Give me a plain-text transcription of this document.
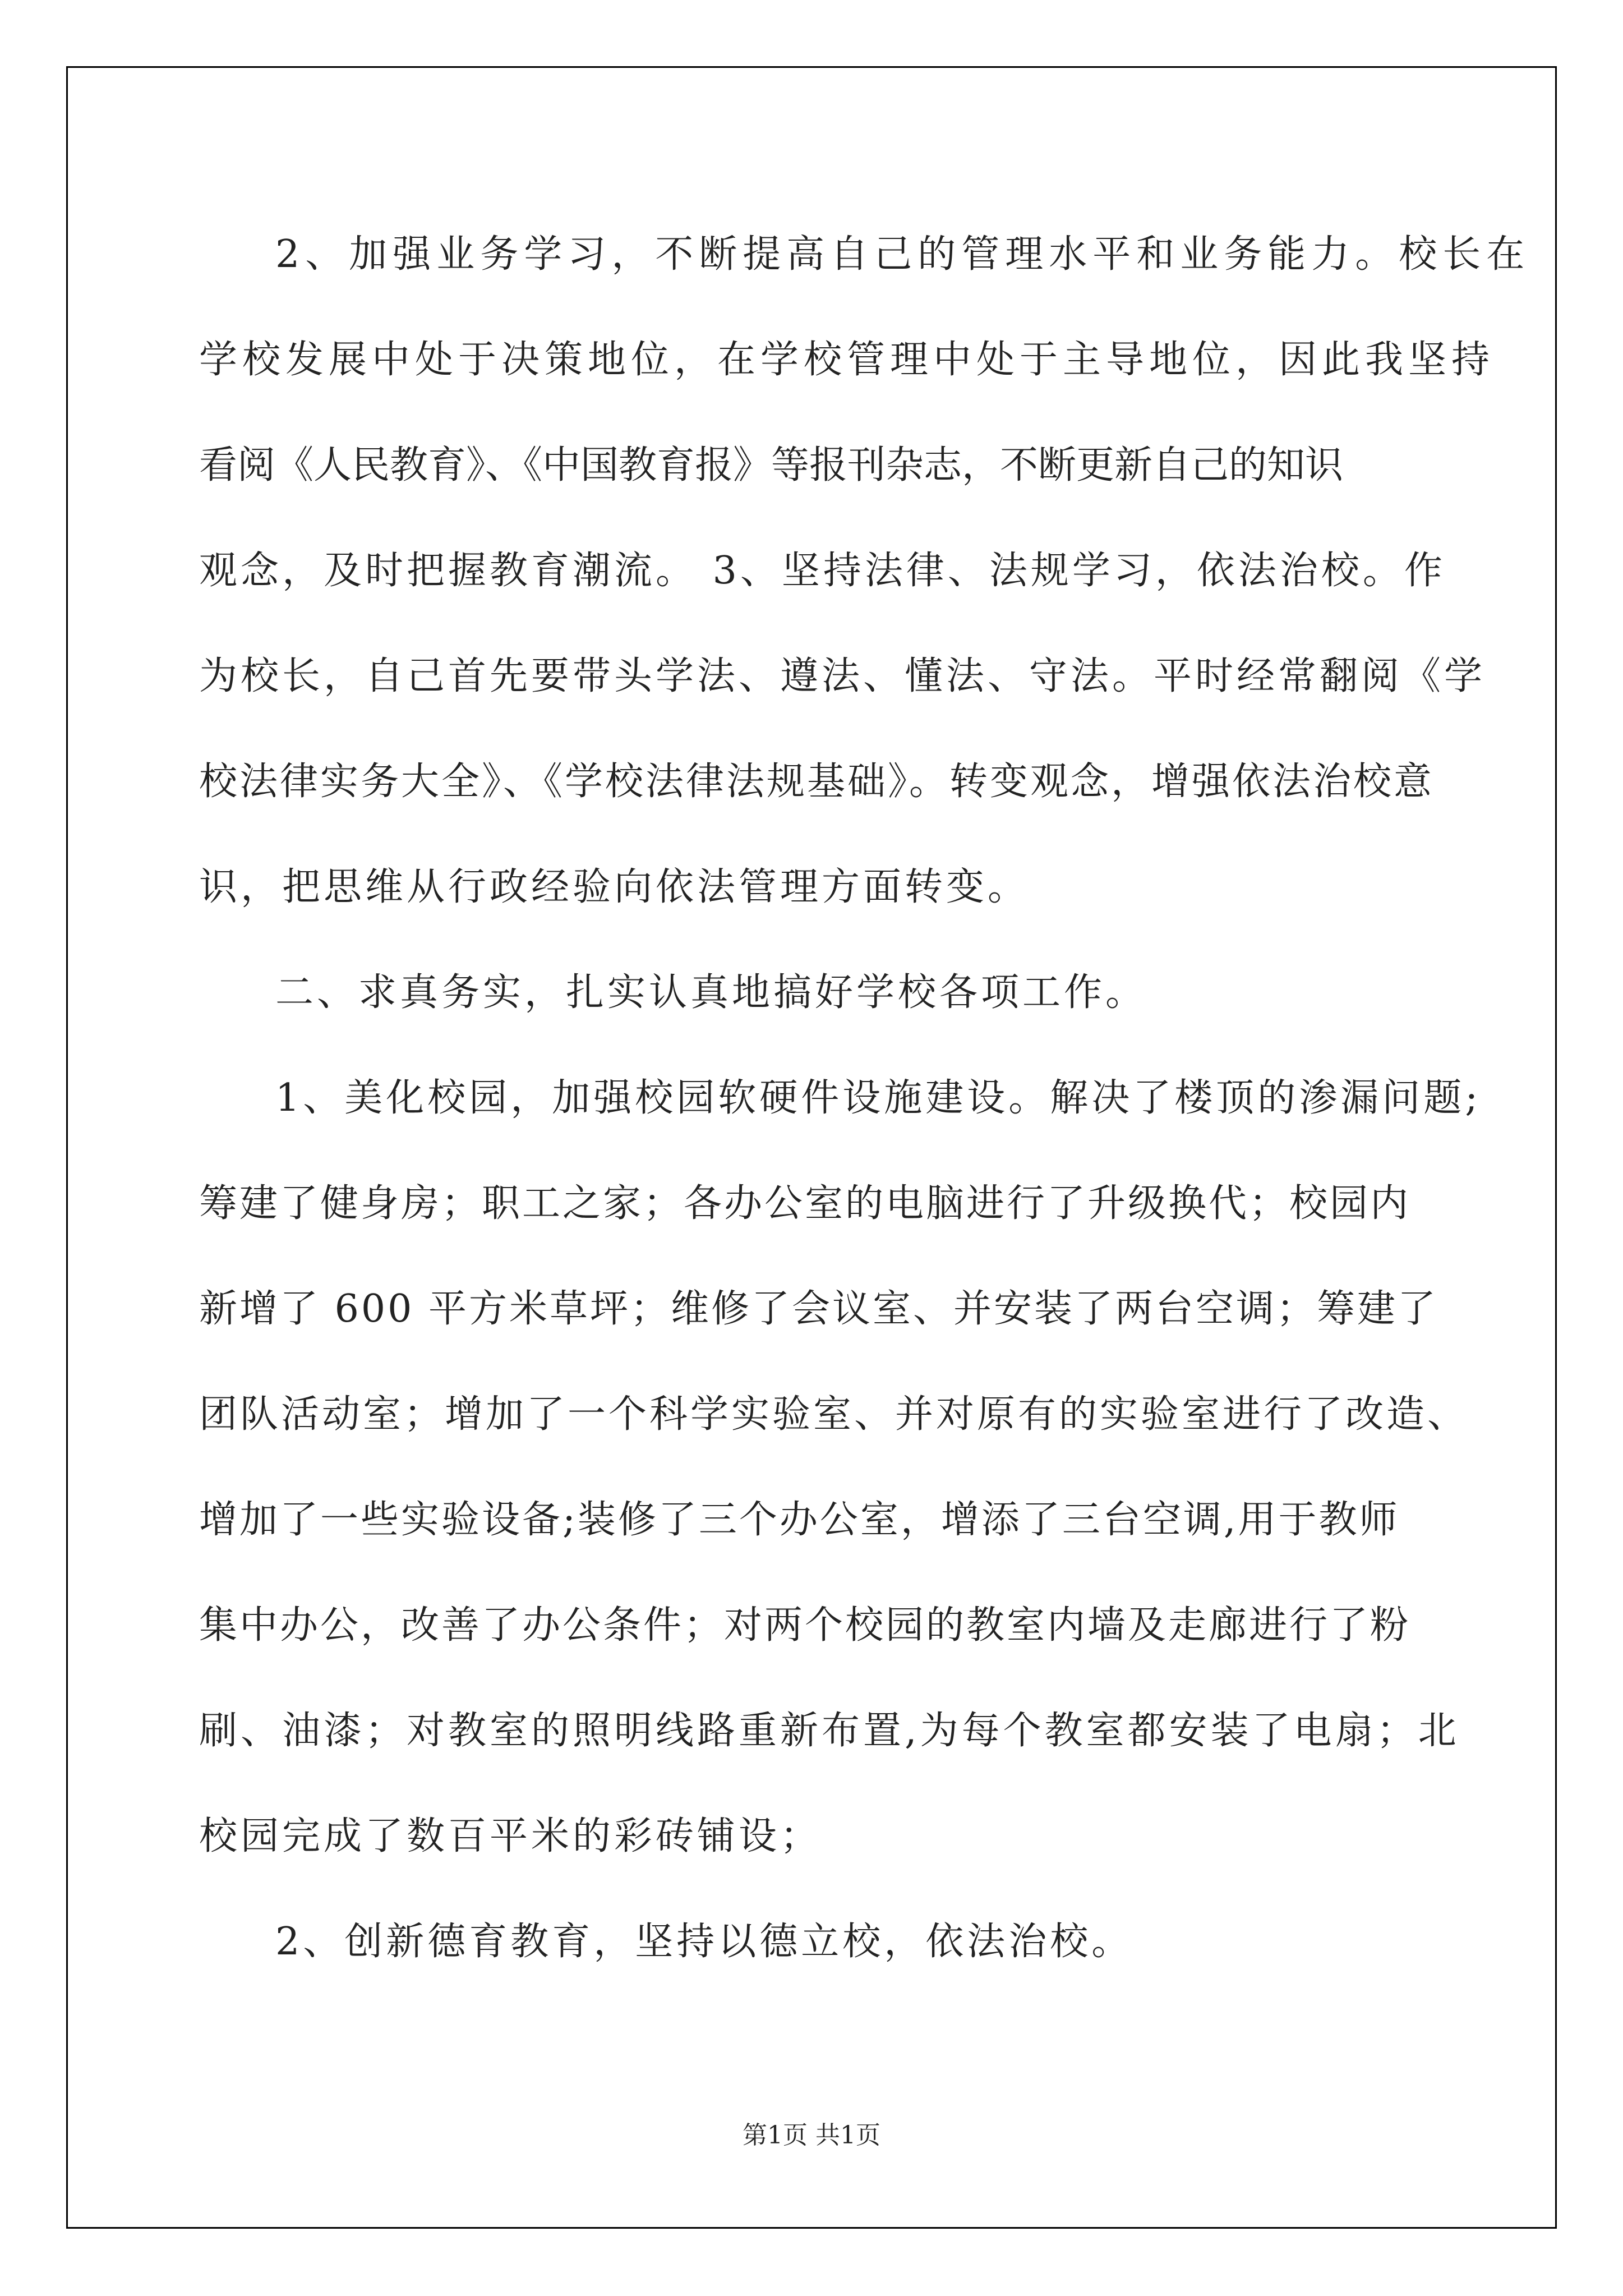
2、加强业务学习，不断提高自己的管理水平和业务能力。校长在
学校发展中处于决策地位，在学校管理中处于主导地位，因此我坚持
看阅《人民教育》、《中国教育报》等报刊杂志，不断更新自己的知识
观念，及时把握教育潮流。 3、坚持法律、法规学习，依法治校。作
为校长，自己首先要带头学法、遵法、懂法、守法。平时经常翻阅《学
校法律实务大全》、《学校法律法规基础》。转变观念，增强依法治校意
识，把思维从行政经验向依法管理方面转变。
二、求真务实，扎实认真地搞好学校各项工作。
1、美化校园，加强校园软硬件设施建设。解决了楼顶的渗漏问题;
筹建了健身房；职工之家；各办公室的电脑进行了升级换代；校园内
新增了 600 平方米草坪；维修了会议室、并安装了两台空调；筹建了
团队活动室；增加了一个科学实验室、并对原有的实验室进行了改造、
增加了一些实验设备;装修了三个办公室，增添了三台空调,用于教师
集中办公，改善了办公条件；对两个校园的教室内墙及走廊进行了粉
刷、油漆；对教室的照明线路重新布置,为每个教室都安装了电扇；北
校园完成了数百平米的彩砖铺设；
2、创新德育教育，坚持以德立校，依法治校。
第1页 共1页
